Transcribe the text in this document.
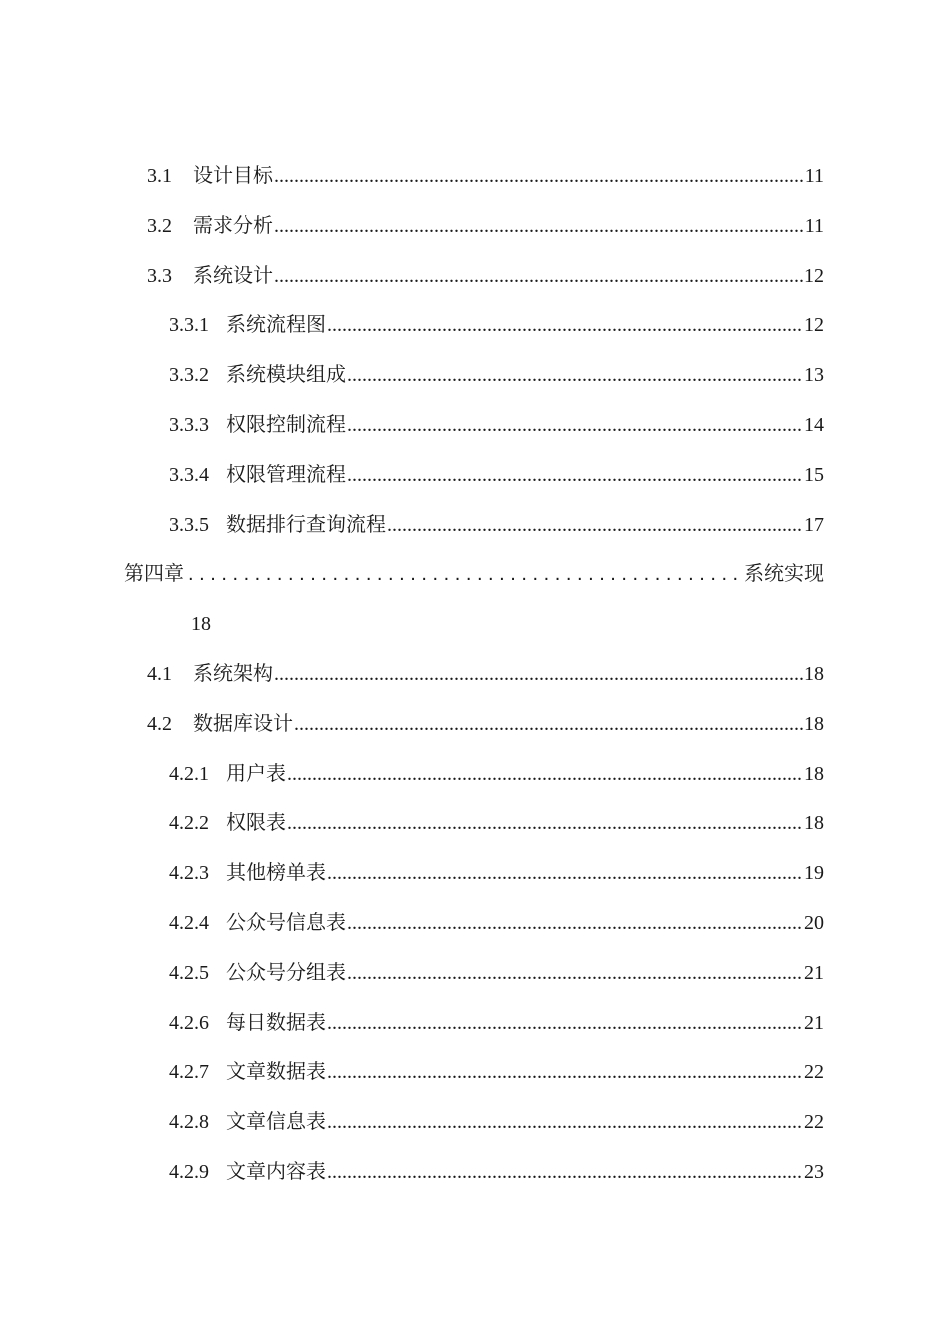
3.1	设计目标 .....	11
3.2	需求分析 .....	11
3.3	系统设计 .....	12
3.3.1 系统流程图 .....	12
3.3.2 系统模块组成 .....	13
3.3.3 权限控制流程 .....	14
3.3.4 权限管理流程 .....	15
3.3.5 数据排行查询流程 .....	17
第四章 . . .	系统实现
18
4.1	系统架构 .....	18
4.2	数据库设计 .....	18
4.2.1 用户表 .....	18
4.2.2 权限表 .....	18
4.2.3 其他榜单表 .....	19
4.2.4 公众号信息表 .....	20
4.2.5 公众号分组表 .....	21
4.2.6 每日数据表 .....	21
4.2.7 文章数据表 .....	22
4.2.8 文章信息表 .....	22
4.2.9 文章内容表 .....	23
